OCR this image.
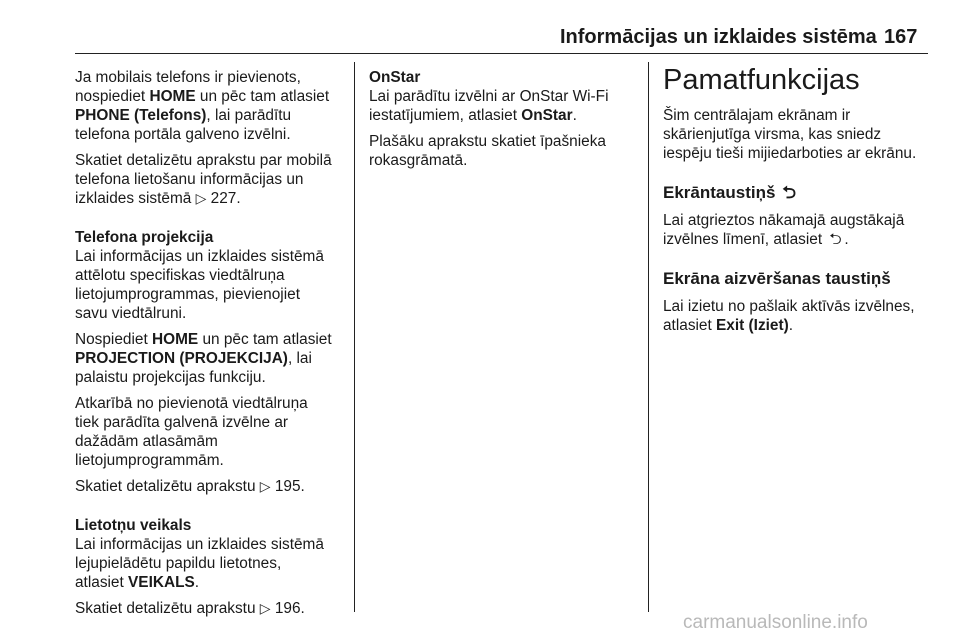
Informācijas un izklaides sistēma 167

Ja mobilais telefons ir pievienots,
nospiediet HOME un pēc tam atlasiet
PHONE (Telefons), lai parādītu
telefona portāla galveno izvēlni.

Skatiet detalizētu aprakstu par mobilā
telefona lietošanu informācijas un
izklaides sistēmā ▷ 227.

Telefona projekcija

Lai informācijas un izklaides sistēmā
attēlotu specifiskas viedtālruņa
lietojumprogrammas, pievienojiet
savu viedtālruni.

Nospiediet HOME un pēc tam atlasiet
PROJECTION (PROJEKCIJA), lai
palaistu projekcijas funkciju.

Atkarībā no pievienotā viedtālruņa
tiek parādīta galvenā izvēlne ar
dažādām atlasāmām
lietojumprogrammām.

Skatiet detalizētu aprakstu ▷ 195.

Lietotņu veikals

Lai informācijas un izklaides sistēmā
lejupielādētu papildu lietotnes,
atlasiet VEIKALS.

Skatiet detalizētu aprakstu ▷ 196.

OnStar

Lai parādītu izvēlni ar OnStar Wi-Fi
iestatījumiem, atlasiet OnStar.

Plašāku aprakstu skatiet īpašnieka
rokasgrāmatā.

Pamatfunkcijas

Šim centrālajam ekrānam ir
skārienjutīga virsma, kas sniedz
iespēju tieši mijiedarboties ar ekrānu.

Ekrāntaustiņš ⮌

Lai atgrieztos nākamajā augstākajā
izvēlnes līmenī, atlasiet ⮌ .

Ekrāna aizvēršanas taustiņš

Lai izietu no pašlaik aktīvās izvēlnes,
atlasiet Exit (Iziet).

carmanualsonline.info
